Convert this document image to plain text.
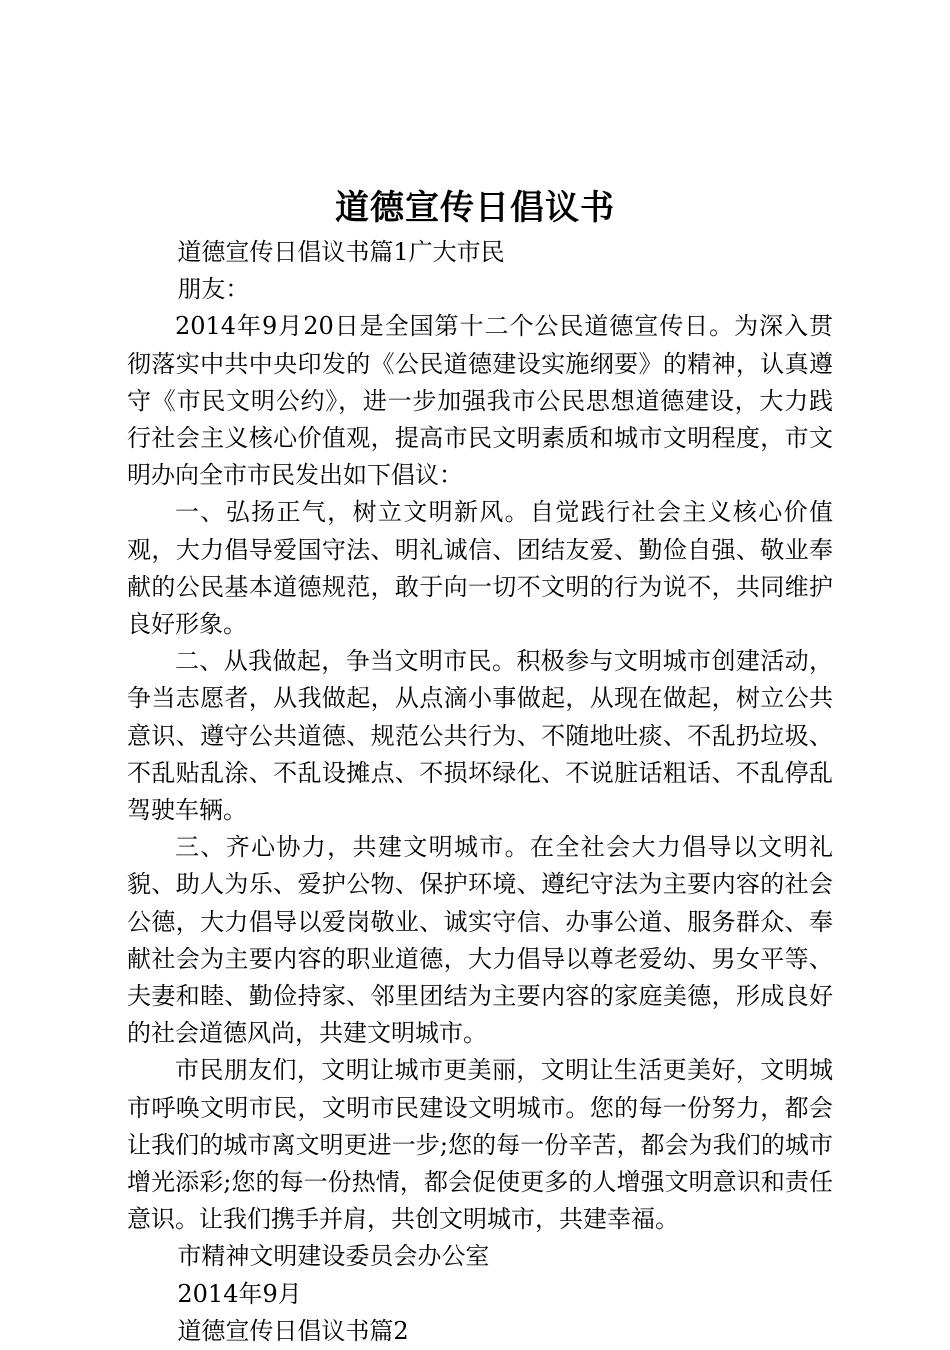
道德宣传日倡议书

道德宣传日倡议书篇1广大市民

朋友：

2014年9月20日是全国第十二个公民道德宣传日。为深入贯彻落实中共中央印发的《公民道德建设实施纲要》的精神，认真遵守《市民文明公约》，进一步加强我市公民思想道德建设，大力践行社会主义核心价值观，提高市民文明素质和城市文明程度，市文明办向全市市民发出如下倡议：

一、弘扬正气，树立文明新风。自觉践行社会主义核心价值观，大力倡导爱国守法、明礼诚信、团结友爱、勤俭自强、敬业奉献的公民基本道德规范，敢于向一切不文明的行为说不，共同维护良好形象。

二、从我做起，争当文明市民。积极参与文明城市创建活动，争当志愿者，从我做起，从点滴小事做起，从现在做起，树立公共意识、遵守公共道德、规范公共行为、不随地吐痰、不乱扔垃圾、不乱贴乱涂、不乱设摊点、不损坏绿化、不说脏话粗话、不乱停乱驾驶车辆。

三、齐心协力，共建文明城市。在全社会大力倡导以文明礼貌、助人为乐、爱护公物、保护环境、遵纪守法为主要内容的社会公德，大力倡导以爱岗敬业、诚实守信、办事公道、服务群众、奉献社会为主要内容的职业道德，大力倡导以尊老爱幼、男女平等、夫妻和睦、勤俭持家、邻里团结为主要内容的家庭美德，形成良好的社会道德风尚，共建文明城市。

市民朋友们，文明让城市更美丽，文明让生活更美好，文明城市呼唤文明市民，文明市民建设文明城市。您的每一份努力，都会让我们的城市离文明更进一步;您的每一份辛苦，都会为我们的城市增光添彩;您的每一份热情，都会促使更多的人增强文明意识和责任意识。让我们携手并肩，共创文明城市，共建幸福。

市精神文明建设委员会办公室

2014年9月

道德宣传日倡议书篇2
